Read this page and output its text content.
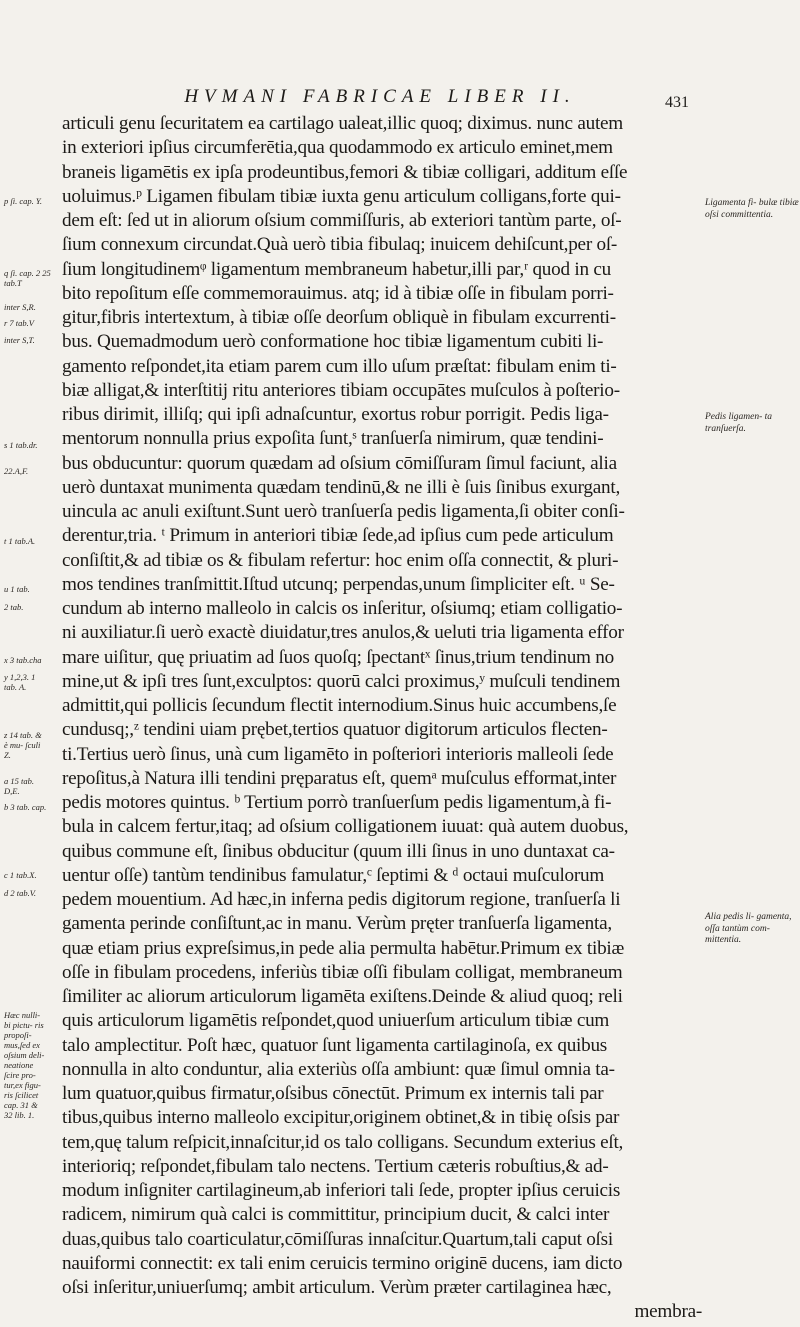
HVMANI FABRICAE LIBER II.	431
articuli genu ſecuritatem ea cartilago ualeat,illic quoq; diximus. nunc autem
in exteriori ipſius circumferētia,qua quodammodo ex articulo eminet,mem
braneis ligamētis ex ipſa prodeuntibus,femori & tibiæ colligari, additum eſſe
uoluimus.ᵖ Ligamen fibulam tibiæ iuxta genu articulum colligans,forte qui-
dem eſt: ſed ut in aliorum oſsium commiſſuris, ab exteriori tantùm parte, oſ-
ſium connexum circundat.Quà uerò tibia fibulaq; inuicem dehiſcunt,per oſ-
ſium longitudinemᵠ ligamentum membraneum habetur,illi par,ʳ quod in cu
bito repoſitum eſſe commemorauimus. atq; id à tibiæ oſſe in fibulam porri-
gitur,fibris intertextum, à tibiæ oſſe deorſum obliquè in fibulam excurrenti-
bus. Quemadmodum uerò conformatione hoc tibiæ ligamentum cubiti li-
gamento reſpondet,ita etiam parem cum illo uſum præſtat: fibulam enim ti-
biæ alligat,& interſtitij ritu anteriores tibiam occupātes muſculos à poſterio-
ribus dirimit, illiſq; qui ipſi adnaſcuntur, exortus robur porrigit. Pedis liga-
mentorum nonnulla prius expoſita ſunt,ˢ tranſuerſa nimirum, quæ tendini-
bus obducuntur: quorum quædam ad oſsium cōmiſſuram ſimul faciunt, alia
uerò duntaxat munimenta quædam tendinū,& ne illi è ſuis ſinibus exurgant,
uincula ac anuli exiſtunt.Sunt uerò tranſuerſa pedis ligamenta,ſi obiter conſi-
derentur,tria. ᵗ Primum in anteriori tibiæ ſede,ad ipſius cum pede articulum
conſiſtit,& ad tibiæ os & fibulam refertur: hoc enim oſſa connectit, & pluri-
mos tendines tranſmittit.Iſtud utcunq; perpendas,unum ſimpliciter eſt. ᵘ Se-
cundum ab interno malleolo in calcis os inſeritur, oſsiumq; etiam colligatio-
ni auxiliatur.ſi uerò exactè diuidatur,tres anulos,& ueluti tria ligamenta effor
mare uiſitur, quę priuatim ad ſuos quoſq; ſpectantˣ ſinus,trium tendinum no
mine,ut & ipſi tres ſunt,exculptos: quorū calci proximus,ʸ muſculi tendinem
admittit,qui pollicis ſecundum flectit internodium.Sinus huic accumbens,ſe
cundusq;,ᶻ tendini uiam prębet,tertios quatuor digitorum articulos flecten-
ti.Tertius uerò ſinus, unà cum ligamēto in poſteriori interioris malleoli ſede
repoſitus,à Natura illi tendini pręparatus eſt, quemᵃ muſculus efformat,inter
pedis motores quintus. ᵇ Tertium porrò tranſuerſum pedis ligamentum,à fi-
bula in calcem fertur,itaq; ad oſsium colligationem iuuat: quà autem duobus,
quibus commune eſt, ſinibus obducitur (quum illi ſinus in uno duntaxat ca-
uentur oſſe) tantùm tendinibus famulatur,ᶜ ſeptimi & ᵈ octaui muſculorum
pedem mouentium. Ad hæc,in inferna pedis digitorum regione, tranſuerſa li
gamenta perinde conſiſtunt,ac in manu. Verùm pręter tranſuerſa ligamenta,
quæ etiam prius expreſsimus,in pede alia permulta habētur.Primum ex tibiæ
oſſe in fibulam procedens, inferiùs tibiæ oſſi fibulam colligat, membraneum
ſimiliter ac aliorum articulorum ligamēta exiſtens.Deinde & aliud quoq; reli
quis articulorum ligamētis reſpondet,quod uniuerſum articulum tibiæ cum
talo amplectitur. Poſt hæc, quatuor ſunt ligamenta cartilaginoſa, ex quibus
nonnulla in alto conduntur, alia exteriùs oſſa ambiunt: quæ ſimul omnia ta-
lum quatuor,quibus firmatur,oſsibus cōnectūt. Primum ex internis tali par
tibus,quibus interno malleolo excipitur,originem obtinet,& in tibię oſsis par
tem,quę talum reſpicit,innaſcitur,id os talo colligans. Secundum exterius eſt,
interioriq; reſpondet,fibulam talo nectens. Tertium cæteris robuſtius,& ad-
modum inſigniter cartilagineum,ab inferiori tali ſede, propter ipſius ceruicis
radicem, nimirum quà calci is committitur, principium ducit, & calci inter
duas,quibus talo coarticulatur,cōmiſſuras innaſcitur.Quartum,tali caput oſsi
nauiformi connectit: ex tali enim ceruicis termino originē ducens, iam dicto
oſsi inſeritur,uniuerſumq; ambit articulum. Verùm præter cartilaginea hæc,
membra-
p ſi. cap. Y.
q ſi. cap. 2 25 tab.T
inter S,R.
r 7 tab.V
inter S,T.
s 1 tab.dr.
22.A,F.
t 1 tab.A.
u 1 tab.
2 tab.
x 3 tab.cha
y 1,2,3. 1 tab. A.
z 14 tab. & è mu- ſculi Z.
a 15 tab. D,E.
b 3 tab. cap.
c 1 tab.X.
d 2 tab.V.
Hæc nulli- bi pictu- ris propoſi- mus,ſed ex oſsium deli- neatione ſcire pro- tur,ex figu- ris ſcilicet cap. 31 & 32 lib. 1.
Ligamenta fi- bulæ tibiæ oſsi committentia.
Pedis ligamen- ta tranſuerſa.
Alia pedis li- gamenta, oſſa tantùm com- mittentia.
